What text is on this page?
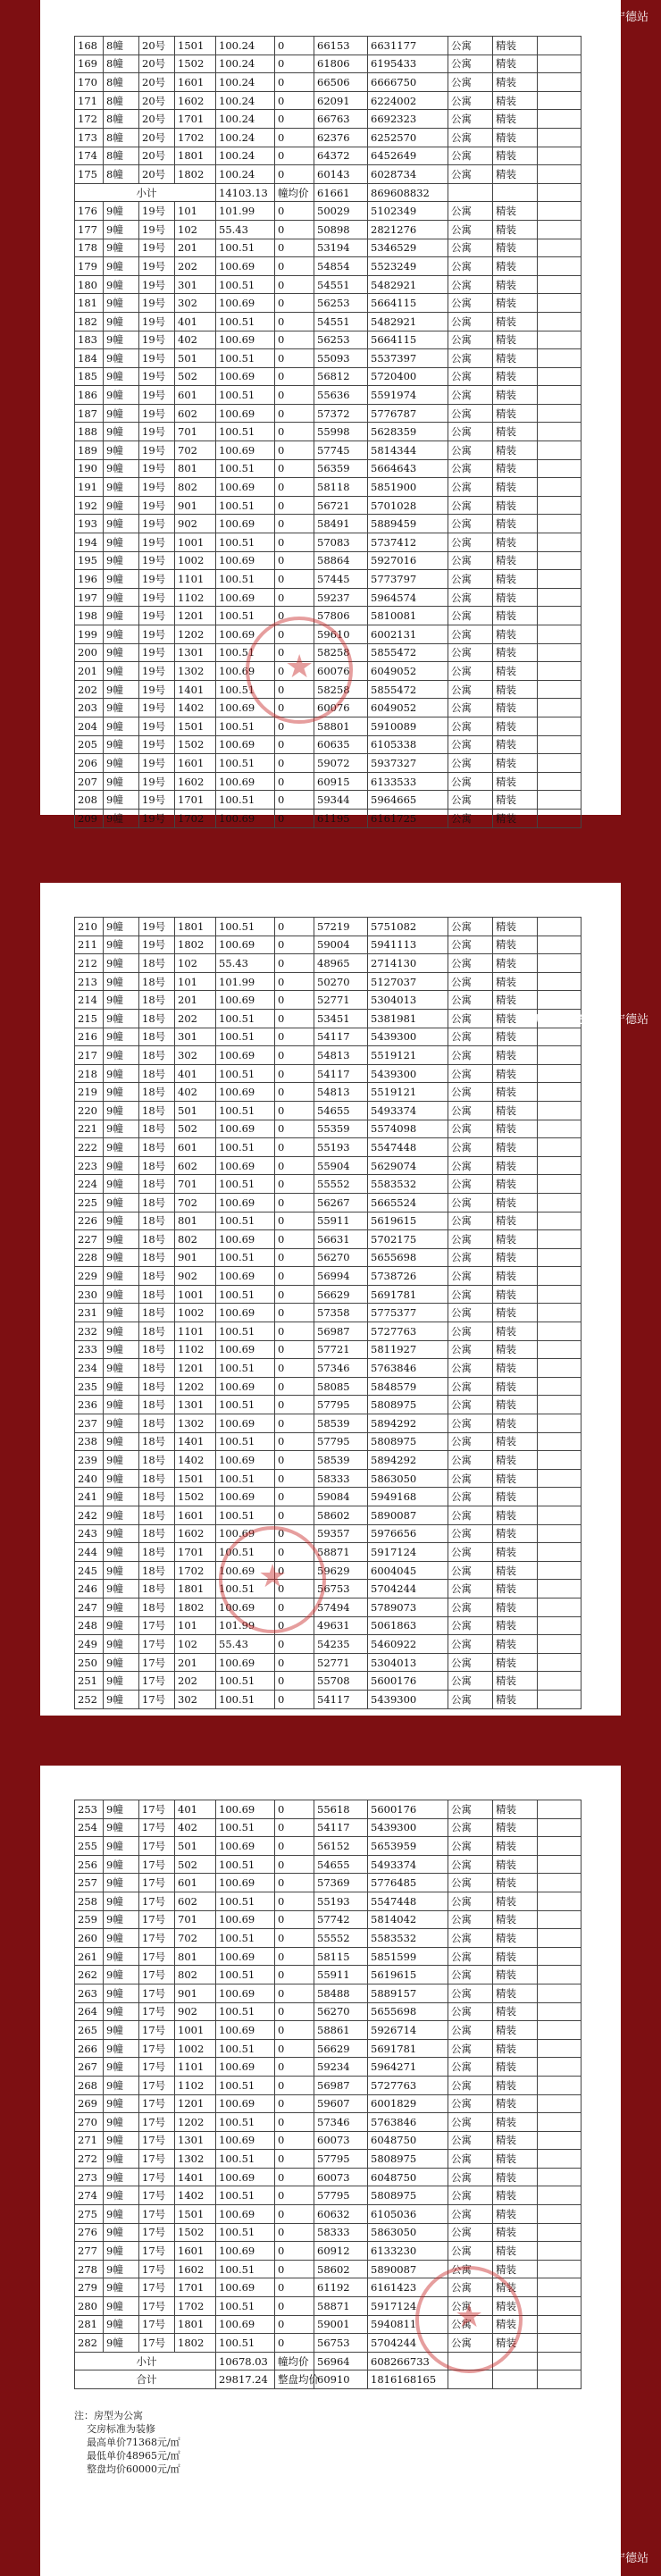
168	8幢	20号	1501	100.24	0	66153	6631177	公寓	精装	
169	8幢	20号	1502	100.24	0	61806	6195433	公寓	精装	
170	8幢	20号	1601	100.24	0	66506	6666750	公寓	精装	
171	8幢	20号	1602	100.24	0	62091	6224002	公寓	精装	
172	8幢	20号	1701	100.24	0	66763	6692323	公寓	精装	
173	8幢	20号	1702	100.24	0	62376	6252570	公寓	精装	
174	8幢	20号	1801	100.24	0	64372	6452649	公寓	精装	
175	8幢	20号	1802	100.24	0	60143	6028734	公寓	精装	
小计				14103.13	幢均价	61661	869608832			
176	9幢	19号	101	101.99	0	50029	5102349	公寓	精装	
177	9幢	19号	102	55.43	0	50898	2821276	公寓	精装	
178	9幢	19号	201	100.51	0	53194	5346529	公寓	精装	
179	9幢	19号	202	100.69	0	54854	5523249	公寓	精装	
180	9幢	19号	301	100.51	0	54551	5482921	公寓	精装	
181	9幢	19号	302	100.69	0	56253	5664115	公寓	精装	
182	9幢	19号	401	100.51	0	54551	5482921	公寓	精装	
183	9幢	19号	402	100.69	0	56253	5664115	公寓	精装	
184	9幢	19号	501	100.51	0	55093	5537397	公寓	精装	
185	9幢	19号	502	100.69	0	56812	5720400	公寓	精装	
186	9幢	19号	601	100.51	0	55636	5591974	公寓	精装	
187	9幢	19号	602	100.69	0	57372	5776787	公寓	精装	
188	9幢	19号	701	100.51	0	55998	5628359	公寓	精装	
189	9幢	19号	702	100.69	0	57745	5814344	公寓	精装	
190	9幢	19号	801	100.51	0	56359	5664643	公寓	精装	
191	9幢	19号	802	100.69	0	58118	5851900	公寓	精装	
192	9幢	19号	901	100.51	0	56721	5701028	公寓	精装	
193	9幢	19号	902	100.69	0	58491	5889459	公寓	精装	
194	9幢	19号	1001	100.51	0	57083	5737412	公寓	精装	
195	9幢	19号	1002	100.69	0	58864	5927016	公寓	精装	
196	9幢	19号	1101	100.51	0	57445	5773797	公寓	精装	
197	9幢	19号	1102	100.69	0	59237	5964574	公寓	精装	
198	9幢	19号	1201	100.51	0	57806	5810081	公寓	精装	
199	9幢	19号	1202	100.69	0	59610	6002131	公寓	精装	
200	9幢	19号	1301	100.51	0	58258	5855472	公寓	精装	
201	9幢	19号	1302	100.69	0	60076	6049052	公寓	精装	
202	9幢	19号	1401	100.51	0	58258	5855472	公寓	精装	
203	9幢	19号	1402	100.69	0	60076	6049052	公寓	精装	
204	9幢	19号	1501	100.51	0	58801	5910089	公寓	精装	
205	9幢	19号	1502	100.69	0	60635	6105338	公寓	精装	
206	9幢	19号	1601	100.51	0	59072	5937327	公寓	精装	
207	9幢	19号	1602	100.69	0	60915	6133533	公寓	精装	
208	9幢	19号	1701	100.51	0	59344	5964665	公寓	精装	
209	9幢	19号	1702	100.69	0	61195	6161725	公寓	精装	
★
搜狐号@搜狐焦点宁德站
210	9幢	19号	1801	100.51	0	57219	5751082	公寓	精装	
211	9幢	19号	1802	100.69	0	59004	5941113	公寓	精装	
212	9幢	18号	102	55.43	0	48965	2714130	公寓	精装	
213	9幢	18号	101	101.99	0	50270	5127037	公寓	精装	
214	9幢	18号	201	100.69	0	52771	5304013	公寓	精装	
215	9幢	18号	202	100.51	0	53451	5381981	公寓	精装	
216	9幢	18号	301	100.51	0	54117	5439300	公寓	精装	
217	9幢	18号	302	100.69	0	54813	5519121	公寓	精装	
218	9幢	18号	401	100.51	0	54117	5439300	公寓	精装	
219	9幢	18号	402	100.69	0	54813	5519121	公寓	精装	
220	9幢	18号	501	100.51	0	54655	5493374	公寓	精装	
221	9幢	18号	502	100.69	0	55359	5574098	公寓	精装	
222	9幢	18号	601	100.51	0	55193	5547448	公寓	精装	
223	9幢	18号	602	100.69	0	55904	5629074	公寓	精装	
224	9幢	18号	701	100.51	0	55552	5583532	公寓	精装	
225	9幢	18号	702	100.69	0	56267	5665524	公寓	精装	
226	9幢	18号	801	100.51	0	55911	5619615	公寓	精装	
227	9幢	18号	802	100.69	0	56631	5702175	公寓	精装	
228	9幢	18号	901	100.51	0	56270	5655698	公寓	精装	
229	9幢	18号	902	100.69	0	56994	5738726	公寓	精装	
230	9幢	18号	1001	100.51	0	56629	5691781	公寓	精装	
231	9幢	18号	1002	100.69	0	57358	5775377	公寓	精装	
232	9幢	18号	1101	100.51	0	56987	5727763	公寓	精装	
233	9幢	18号	1102	100.69	0	57721	5811927	公寓	精装	
234	9幢	18号	1201	100.51	0	57346	5763846	公寓	精装	
235	9幢	18号	1202	100.69	0	58085	5848579	公寓	精装	
236	9幢	18号	1301	100.51	0	57795	5808975	公寓	精装	
237	9幢	18号	1302	100.69	0	58539	5894292	公寓	精装	
238	9幢	18号	1401	100.51	0	57795	5808975	公寓	精装	
239	9幢	18号	1402	100.69	0	58539	5894292	公寓	精装	
240	9幢	18号	1501	100.51	0	58333	5863050	公寓	精装	
241	9幢	18号	1502	100.69	0	59084	5949168	公寓	精装	
242	9幢	18号	1601	100.51	0	58602	5890087	公寓	精装	
243	9幢	18号	1602	100.69	0	59357	5976656	公寓	精装	
244	9幢	18号	1701	100.51	0	58871	5917124	公寓	精装	
245	9幢	18号	1702	100.69	0	59629	6004045	公寓	精装	
246	9幢	18号	1801	100.51	0	56753	5704244	公寓	精装	
247	9幢	18号	1802	100.69	0	57494	5789073	公寓	精装	
248	9幢	17号	101	101.99	0	49631	5061863	公寓	精装	
249	9幢	17号	102	55.43	0	54235	5460922	公寓	精装	
250	9幢	17号	201	100.69	0	52771	5304013	公寓	精装	
251	9幢	17号	202	100.51	0	55708	5600176	公寓	精装	
252	9幢	17号	302	100.51	0	54117	5439300	公寓	精装	
★
搜狐号@搜狐焦点宁德站
253	9幢	17号	401	100.69	0	55618	5600176	公寓	精装	
254	9幢	17号	402	100.51	0	54117	5439300	公寓	精装	
255	9幢	17号	501	100.69	0	56152	5653959	公寓	精装	
256	9幢	17号	502	100.51	0	54655	5493374	公寓	精装	
257	9幢	17号	601	100.69	0	57369	5776485	公寓	精装	
258	9幢	17号	602	100.51	0	55193	5547448	公寓	精装	
259	9幢	17号	701	100.69	0	57742	5814042	公寓	精装	
260	9幢	17号	702	100.51	0	55552	5583532	公寓	精装	
261	9幢	17号	801	100.69	0	58115	5851599	公寓	精装	
262	9幢	17号	802	100.51	0	55911	5619615	公寓	精装	
263	9幢	17号	901	100.69	0	58488	5889157	公寓	精装	
264	9幢	17号	902	100.51	0	56270	5655698	公寓	精装	
265	9幢	17号	1001	100.69	0	58861	5926714	公寓	精装	
266	9幢	17号	1002	100.51	0	56629	5691781	公寓	精装	
267	9幢	17号	1101	100.69	0	59234	5964271	公寓	精装	
268	9幢	17号	1102	100.51	0	56987	5727763	公寓	精装	
269	9幢	17号	1201	100.69	0	59607	6001829	公寓	精装	
270	9幢	17号	1202	100.51	0	57346	5763846	公寓	精装	
271	9幢	17号	1301	100.69	0	60073	6048750	公寓	精装	
272	9幢	17号	1302	100.51	0	57795	5808975	公寓	精装	
273	9幢	17号	1401	100.69	0	60073	6048750	公寓	精装	
274	9幢	17号	1402	100.51	0	57795	5808975	公寓	精装	
275	9幢	17号	1501	100.69	0	60632	6105036	公寓	精装	
276	9幢	17号	1502	100.51	0	58333	5863050	公寓	精装	
277	9幢	17号	1601	100.69	0	60912	6133230	公寓	精装	
278	9幢	17号	1602	100.51	0	58602	5890087	公寓	精装	
279	9幢	17号	1701	100.69	0	61192	6161423	公寓	精装	
280	9幢	17号	1702	100.51	0	58871	5917124	公寓	精装	
281	9幢	17号	1801	100.69	0	59001	5940811	公寓	精装	
282	9幢	17号	1802	100.51	0	56753	5704244	公寓	精装	
小计				10678.03	幢均价	56964	608266733			
合计				29817.24	整盘均价	60910	1816168165			
注：房型为公寓
交房标准为装修
最高单价71368元/㎡
最低单价48965元/㎡
整盘均价60000元/㎡
★
搜狐号@搜狐焦点宁德站
